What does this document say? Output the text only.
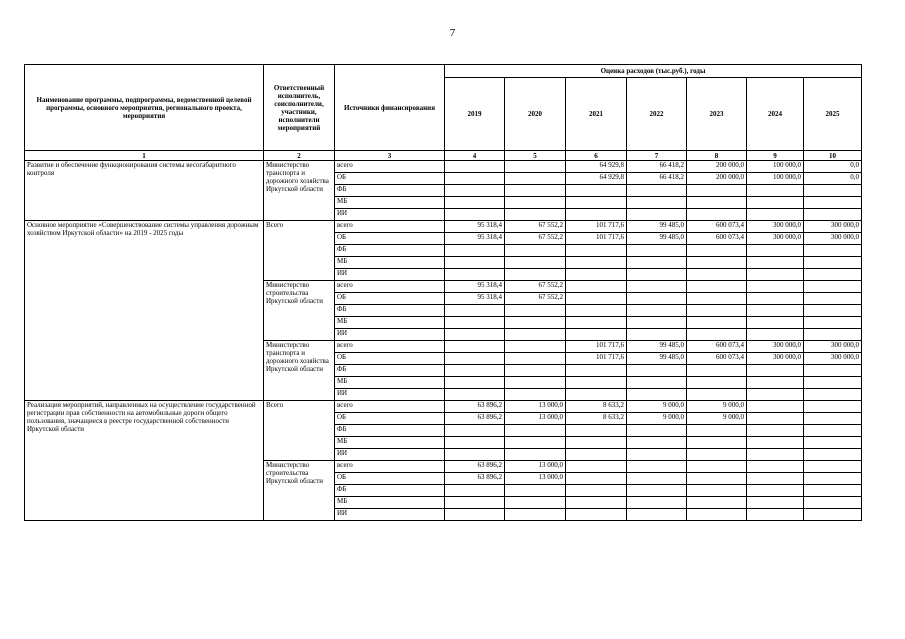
7
Наименование программы, подпрограммы, ведомственной целевой программы, основного мероприятия, регионального проекта, мероприятия	Ответственный исполнитель, соисполнители, участники, исполнители мероприятий	Источники финансирования	Оценка расходов (тыс.руб.), годы						
			2019	2020	2021	2022	2023	2024	2025
1	2	3	4	5	6	7	8	9	10
Развитие и обеспечение функционирования системы весогабаритного контроля	Министерство транспорта и дорожного хозяйства Иркутской области	всего			64 929,8	66 418,2	200 000,0	100 000,0	0,0
		ОБ			64 929,8	66 418,2	200 000,0	100 000,0	0,0
		ФБ							
		МБ							
		ИИ							
Основное мероприятие «Совершенствование системы управления дорожным хозяйством Иркутской области» на 2019 - 2025 годы	Всего	всего	95 318,4	67 552,2	101 717,6	99 485,0	600 073,4	300 000,0	300 000,0
		ОБ	95 318,4	67 552,2	101 717,6	99 485,0	600 073,4	300 000,0	300 000,0
		ФБ							
		МБ							
		ИИ							
	Министерство строительства Иркутской области	всего	95 318,4	67 552,2					
		ОБ	95 318,4	67 552,2					
		ФБ							
		МБ							
		ИИ							
	Министерство транспорта и дорожного хозяйства Иркутской области	всего			101 717,6	99 485,0	600 073,4	300 000,0	300 000,0
		ОБ			101 717,6	99 485,0	600 073,4	300 000,0	300 000,0
		ФБ							
		МБ							
		ИИ							
Реализация мероприятий, направленных на осуществление государственной регистрации прав собственности на автомобильные дороги общего пользования, значащиеся в реестре государственной собственности Иркутской области	Всего	всего	63 896,2	13 000,0	8 633,2	9 000,0	9 000,0		
		ОБ	63 896,2	13 000,0	8 633,2	9 000,0	9 000,0		
		ФБ							
		МБ							
		ИИ							
	Министерство строительства Иркутской области	всего	63 896,2	13 000,0					
		ОБ	63 896,2	13 000,0					
		ФБ							
		МБ							
		ИИ							
